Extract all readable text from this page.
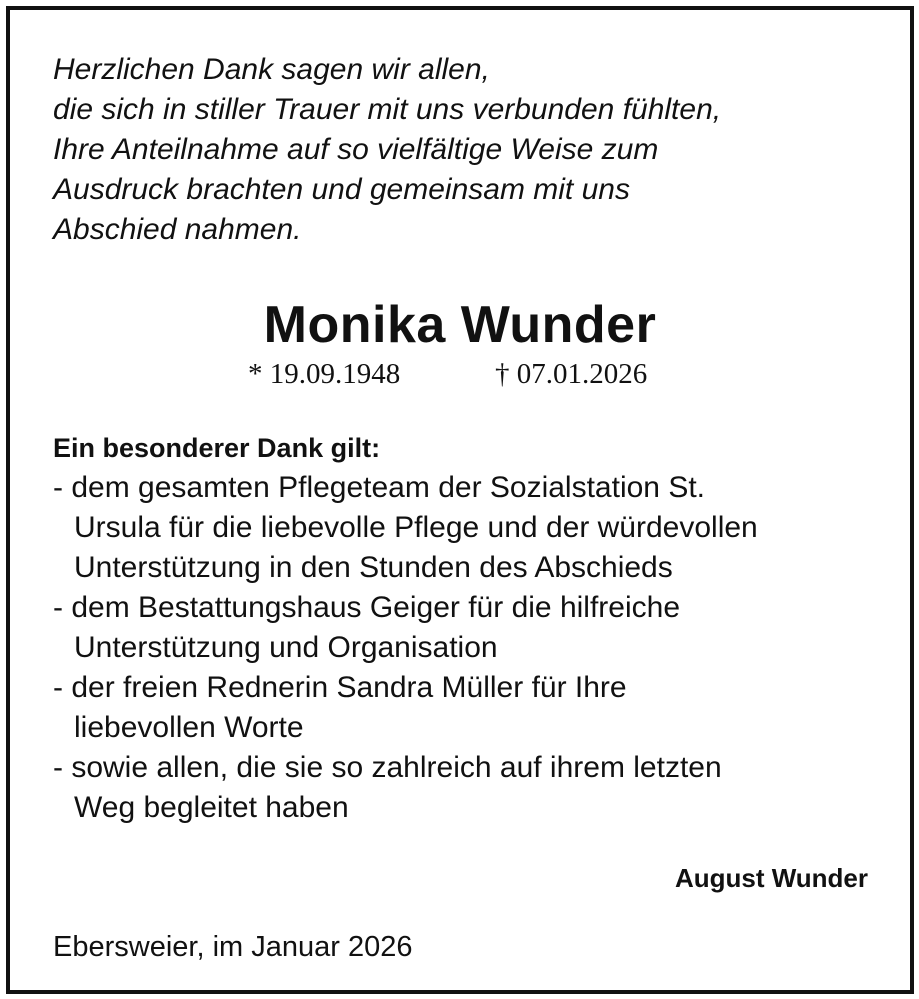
Herzlichen Dank sagen wir allen,
die sich in stiller Trauer mit uns verbunden fühlten,
Ihre Anteilnahme auf so vielfältige Weise zum
Ausdruck brachten und gemeinsam mit uns
Abschied nahmen.
Monika Wunder
* 19.09.1948	† 07.01.2026
Ein besonderer Dank gilt:
- dem gesamten Pflegeteam der Sozialstation St.
Ursula für die liebevolle Pflege und der würdevollen
Unterstützung in den Stunden des Abschieds
- dem Bestattungshaus Geiger für die hilfreiche
Unterstützung und Organisation
- der freien Rednerin Sandra Müller für Ihre
liebevollen Worte
- sowie allen, die sie so zahlreich auf ihrem letzten
Weg begleitet haben
August Wunder
Ebersweier, im Januar 2026
